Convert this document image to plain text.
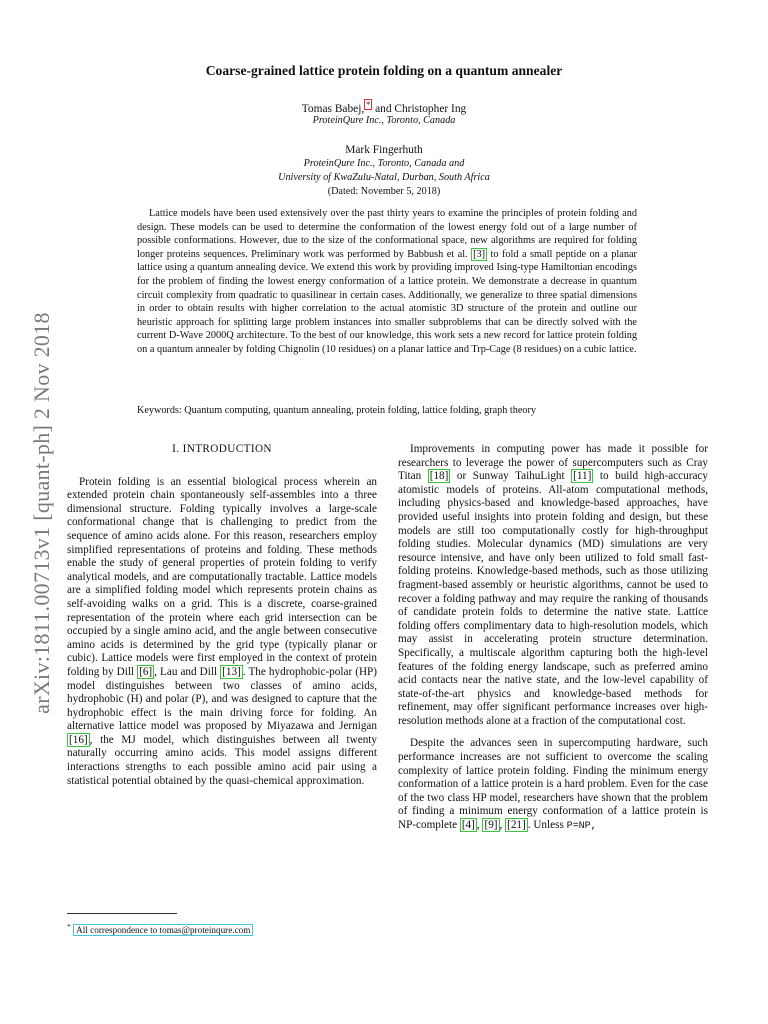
arXiv:1811.00713v1 [quant-ph] 2 Nov 2018
Coarse-grained lattice protein folding on a quantum annealer
Tomas Babej, * and Christopher Ing
ProteinQure Inc., Toronto, Canada
Mark Fingerhuth
ProteinQure Inc., Toronto, Canada and
University of KwaZulu-Natal, Durban, South Africa
(Dated: November 5, 2018)
Lattice models have been used extensively over the past thirty years to examine the principles of protein folding and design. These models can be used to determine the conformation of the lowest energy fold out of a large number of possible conformations. However, due to the size of the conformational space, new algorithms are required for folding longer proteins sequences. Preliminary work was performed by Babbush et al. [3] to fold a small peptide on a planar lattice using a quantum annealing device. We extend this work by providing improved Ising-type Hamiltonian encodings for the problem of finding the lowest energy conformation of a lattice protein. We demonstrate a decrease in quantum circuit complexity from quadratic to quasilinear in certain cases. Additionally, we generalize to three spatial dimensions in order to obtain results with higher correlation to the actual atomistic 3D structure of the protein and outline our heuristic approach for splitting large problem instances into smaller subproblems that can be directly solved with the current D-Wave 2000Q architecture. To the best of our knowledge, this work sets a new record for lattice protein folding on a quantum annealer by folding Chignolin (10 residues) on a planar lattice and Trp-Cage (8 residues) on a cubic lattice.
Keywords: Quantum computing, quantum annealing, protein folding, lattice folding, graph theory
I. INTRODUCTION

Protein folding is an essential biological process wherein an extended protein chain spontaneously self-assembles into a three dimensional structure. Folding typically involves a large-scale conformational change that is challenging to predict from the sequence of amino acids alone. For this reason, researchers employ simplified representations of proteins and folding. These methods enable the study of general properties of protein folding to verify analytical models, and are computationally tractable. Lattice models are a simplified folding model which represents protein chains as self-avoiding walks on a grid. This is a discrete, coarse-grained representation of the protein where each grid intersection can be occupied by a single amino acid, and the angle between consecutive amino acids is determined by the grid type (typically planar or cubic). Lattice models were first employed in the context of protein folding by Dill [6] , Lau and Dill [13] . The hydrophobic-polar (HP) model distinguishes between two classes of amino acids, hydrophobic (H) and polar (P), and was designed to capture that the hydrophobic effect is the main driving force for folding. An alternative lattice model was proposed by Miyazawa and Jernigan [16] , the MJ model, which distinguishes between all twenty naturally occurring amino acids. This model assigns different interactions strengths to each possible amino acid pair using a statistical potential obtained by the quasi-chemical approximation.

Improvements in computing power has made it possible for researchers to leverage the power of supercomputers such as Cray Titan [18] or Sunway TaihuLight [11] to build high-accuracy atomistic models of proteins. All-atom computational methods, including physics-based and knowledge-based approaches, have provided useful insights into protein folding and design, but these models are still too computationally costly for high-throughput folding studies. Molecular dynamics (MD) simulations are very resource intensive, and have only been utilized to fold small fast-folding proteins. Knowledge-based methods, such as those utilizing fragment-based assembly or heuristic algorithms, cannot be used to recover a folding pathway and may require the ranking of thousands of candidate protein folds to determine the native state. Lattice folding offers complimentary data to high-resolution models, which may assist in accelerating protein structure determination. Specifically, a multiscale algorithm capturing both the high-level features of the folding energy landscape, such as preferred amino acid contacts near the native state, and the low-level capability of state-of-the-art physics and knowledge-based methods for refinement, may offer significant performance increases over high-resolution methods alone at a fraction of the computational cost.

Despite the advances seen in supercomputing hardware, such performance increases are not sufficient to overcome the scaling complexity of lattice protein folding. Finding the minimum energy conformation of a lattice protein is a hard problem. Even for the case of the two class HP model, researchers have shown that the problem of finding a minimum energy conformation of a lattice protein is NP-complete [4] , [9] , [21] . Unless P=NP,

* All correspondence to tomas@proteinqure.com
